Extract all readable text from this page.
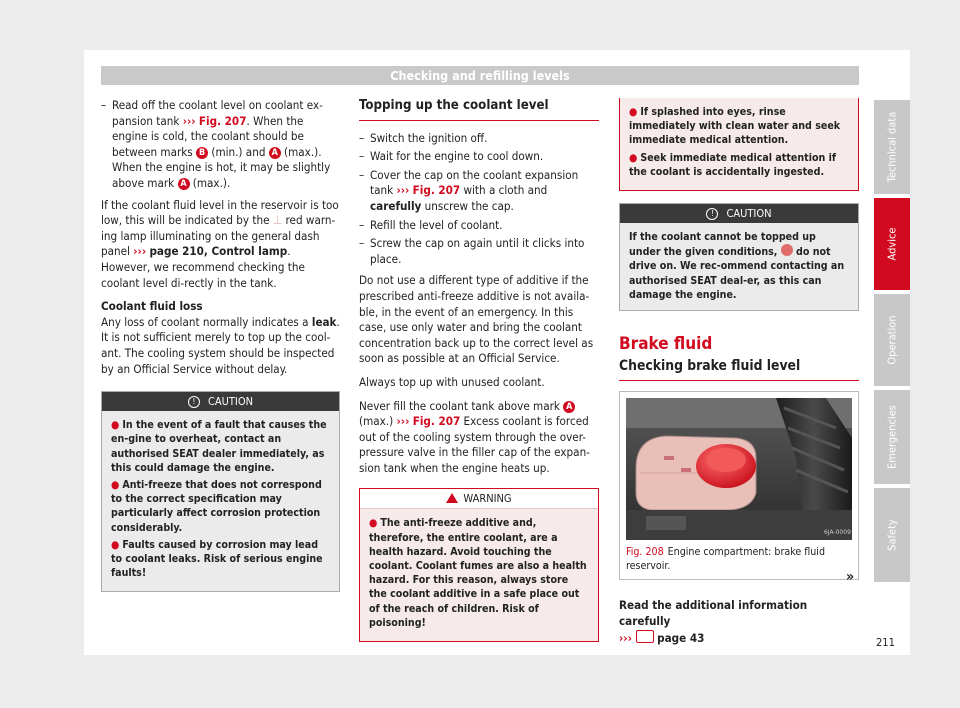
Checking and refilling levels
– Read off the coolant level on coolant ex-pansion tank ››› Fig. 207. When the engine is cold, the coolant should be between marks B (min.) and A (max.). When the engine is hot, it may be slightly above mark A (max.).

If the coolant fluid level in the reservoir is too low, this will be indicated by the ⊥ red warn-ing lamp illuminating on the general dash panel ››› page 210, Control lamp. However, we recommend checking the coolant level di-rectly in the tank.

Coolant fluid loss

Any loss of coolant normally indicates a leak. It is not sufficient merely to top up the cool-ant. The cooling system should be inspected by an Official Service without delay.

! CAUTION
● In the event of a fault that causes the en-gine to overheat, contact an authorised SEAT dealer immediately, as this could damage the engine.
● Anti-freeze that does not correspond to the correct specification may particularly affect corrosion protection considerably.
● Faults caused by corrosion may lead to coolant leaks. Risk of serious engine faults!
Topping up the coolant level
– Switch the ignition off.
– Wait for the engine to cool down.
– Cover the cap on the coolant expansion tank ››› Fig. 207 with a cloth and carefully unscrew the cap.
– Refill the level of coolant.
– Screw the cap on again until it clicks into place.

Do not use a different type of additive if the prescribed anti-freeze additive is not availa-ble, in the event of an emergency. In this case, use only water and bring the coolant concentration back up to the correct level as soon as possible at an Official Service.

Always top up with unused coolant.

Never fill the coolant tank above mark A (max.) ››› Fig. 207 Excess coolant is forced out of the cooling system through the over-pressure valve in the filler cap of the expan-sion tank when the engine heats up.

WARNING
● The anti-freeze additive and, therefore, the entire coolant, are a health hazard. Avoid touching the coolant. Coolant fumes are also a health hazard. For this reason, always store the coolant additive in a safe place out of the reach of children. Risk of poisoning!
● If splashed into eyes, rinse immediately with clean water and seek immediate medical attention.
● Seek immediate medical attention if the coolant is accidentally ingested.
! CAUTION
If the coolant cannot be topped up under the given conditions,  do not drive on. We rec-ommend contacting an authorised SEAT deal-er, as this can damage the engine.
Brake fluid
Checking brake fluid level
6JA-0009
Fig. 208 Engine compartment: brake fluid reservoir.

Read the additional information carefully
››› page 43

»
Technical data
Advice
Operation
Emergencies
Safety
211
